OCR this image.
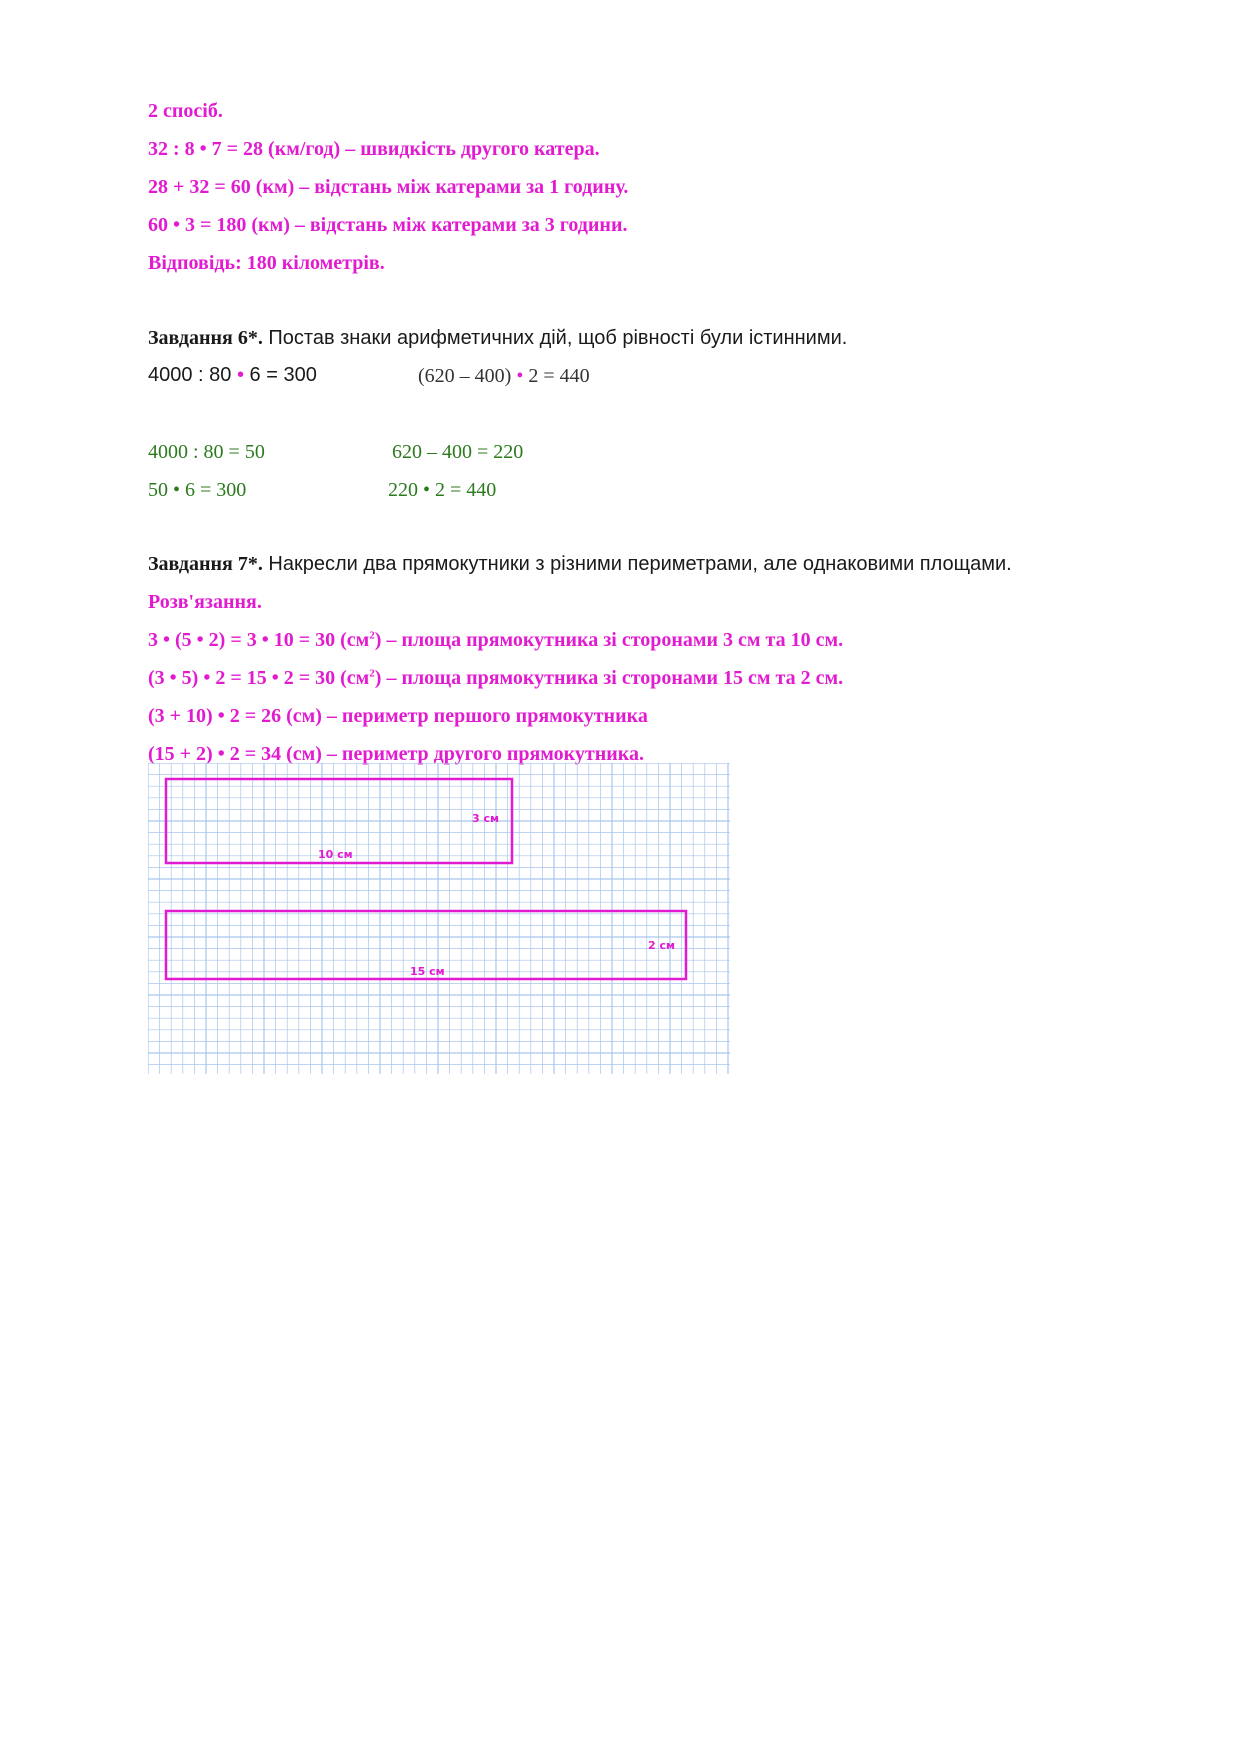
2 спосіб.
32 : 8 • 7 = 28 (км/год) – швидкість другого катера.
28 + 32 = 60 (км) – відстань між катерами за 1 годину.
60 • 3 = 180 (км) – відстань між катерами за 3 години.
Відповідь: 180 кілометрів.
Завдання 6*. Постав знаки арифметичних дій, щоб рівності були істинними.
4000 : 80 • 6 = 300	(620 – 400) • 2 = 440
4000 : 80 = 50	620 – 400 = 220
50 • 6 = 300	220 • 2 = 440
Завдання 7*. Накресли два прямокутники з різними периметрами, але однаковими площами.
Розв'язання.
3 • (5 • 2) = 3 • 10 = 30 $(см^2)$ – площа прямокутника зі сторонами 3 см та 10 см.
(3 • 5) • 2 = 15 • 2 = 30 $(см^2)$ – площа прямокутника зі сторонами 15 см та 2 см.
(3 + 10) • 2 = 26 (см) – периметр першого прямокутника
(15 + 2) • 2 = 34 (см) – периметр другого прямокутника.
10 см
3 см
15 см
2 см
